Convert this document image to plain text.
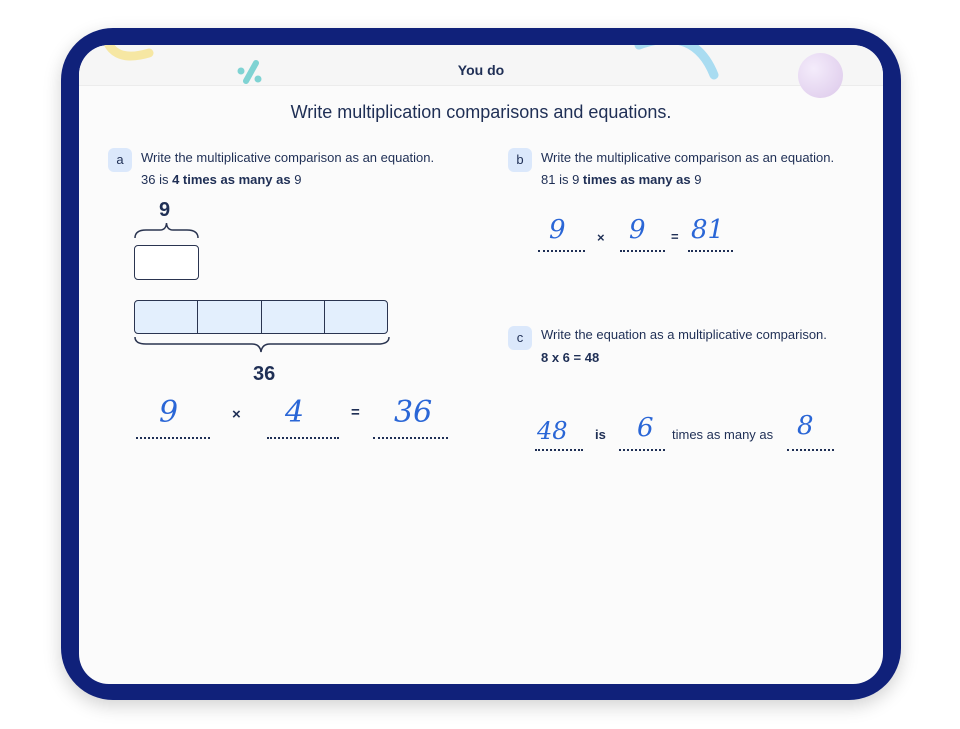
You do
Write multiplication comparisons and equations.
a	Write the multiplicative comparison as an equation.
36 is 4 times as many as 9
9
36
9	× 4	= 36
b	Write the multiplicative comparison as an equation.
81 is 9 times as many as 9
9 × 9 = 81
c	Write the equation as a multiplicative comparison.
8 x 6 = 48
48 is 6 times as many as 8
